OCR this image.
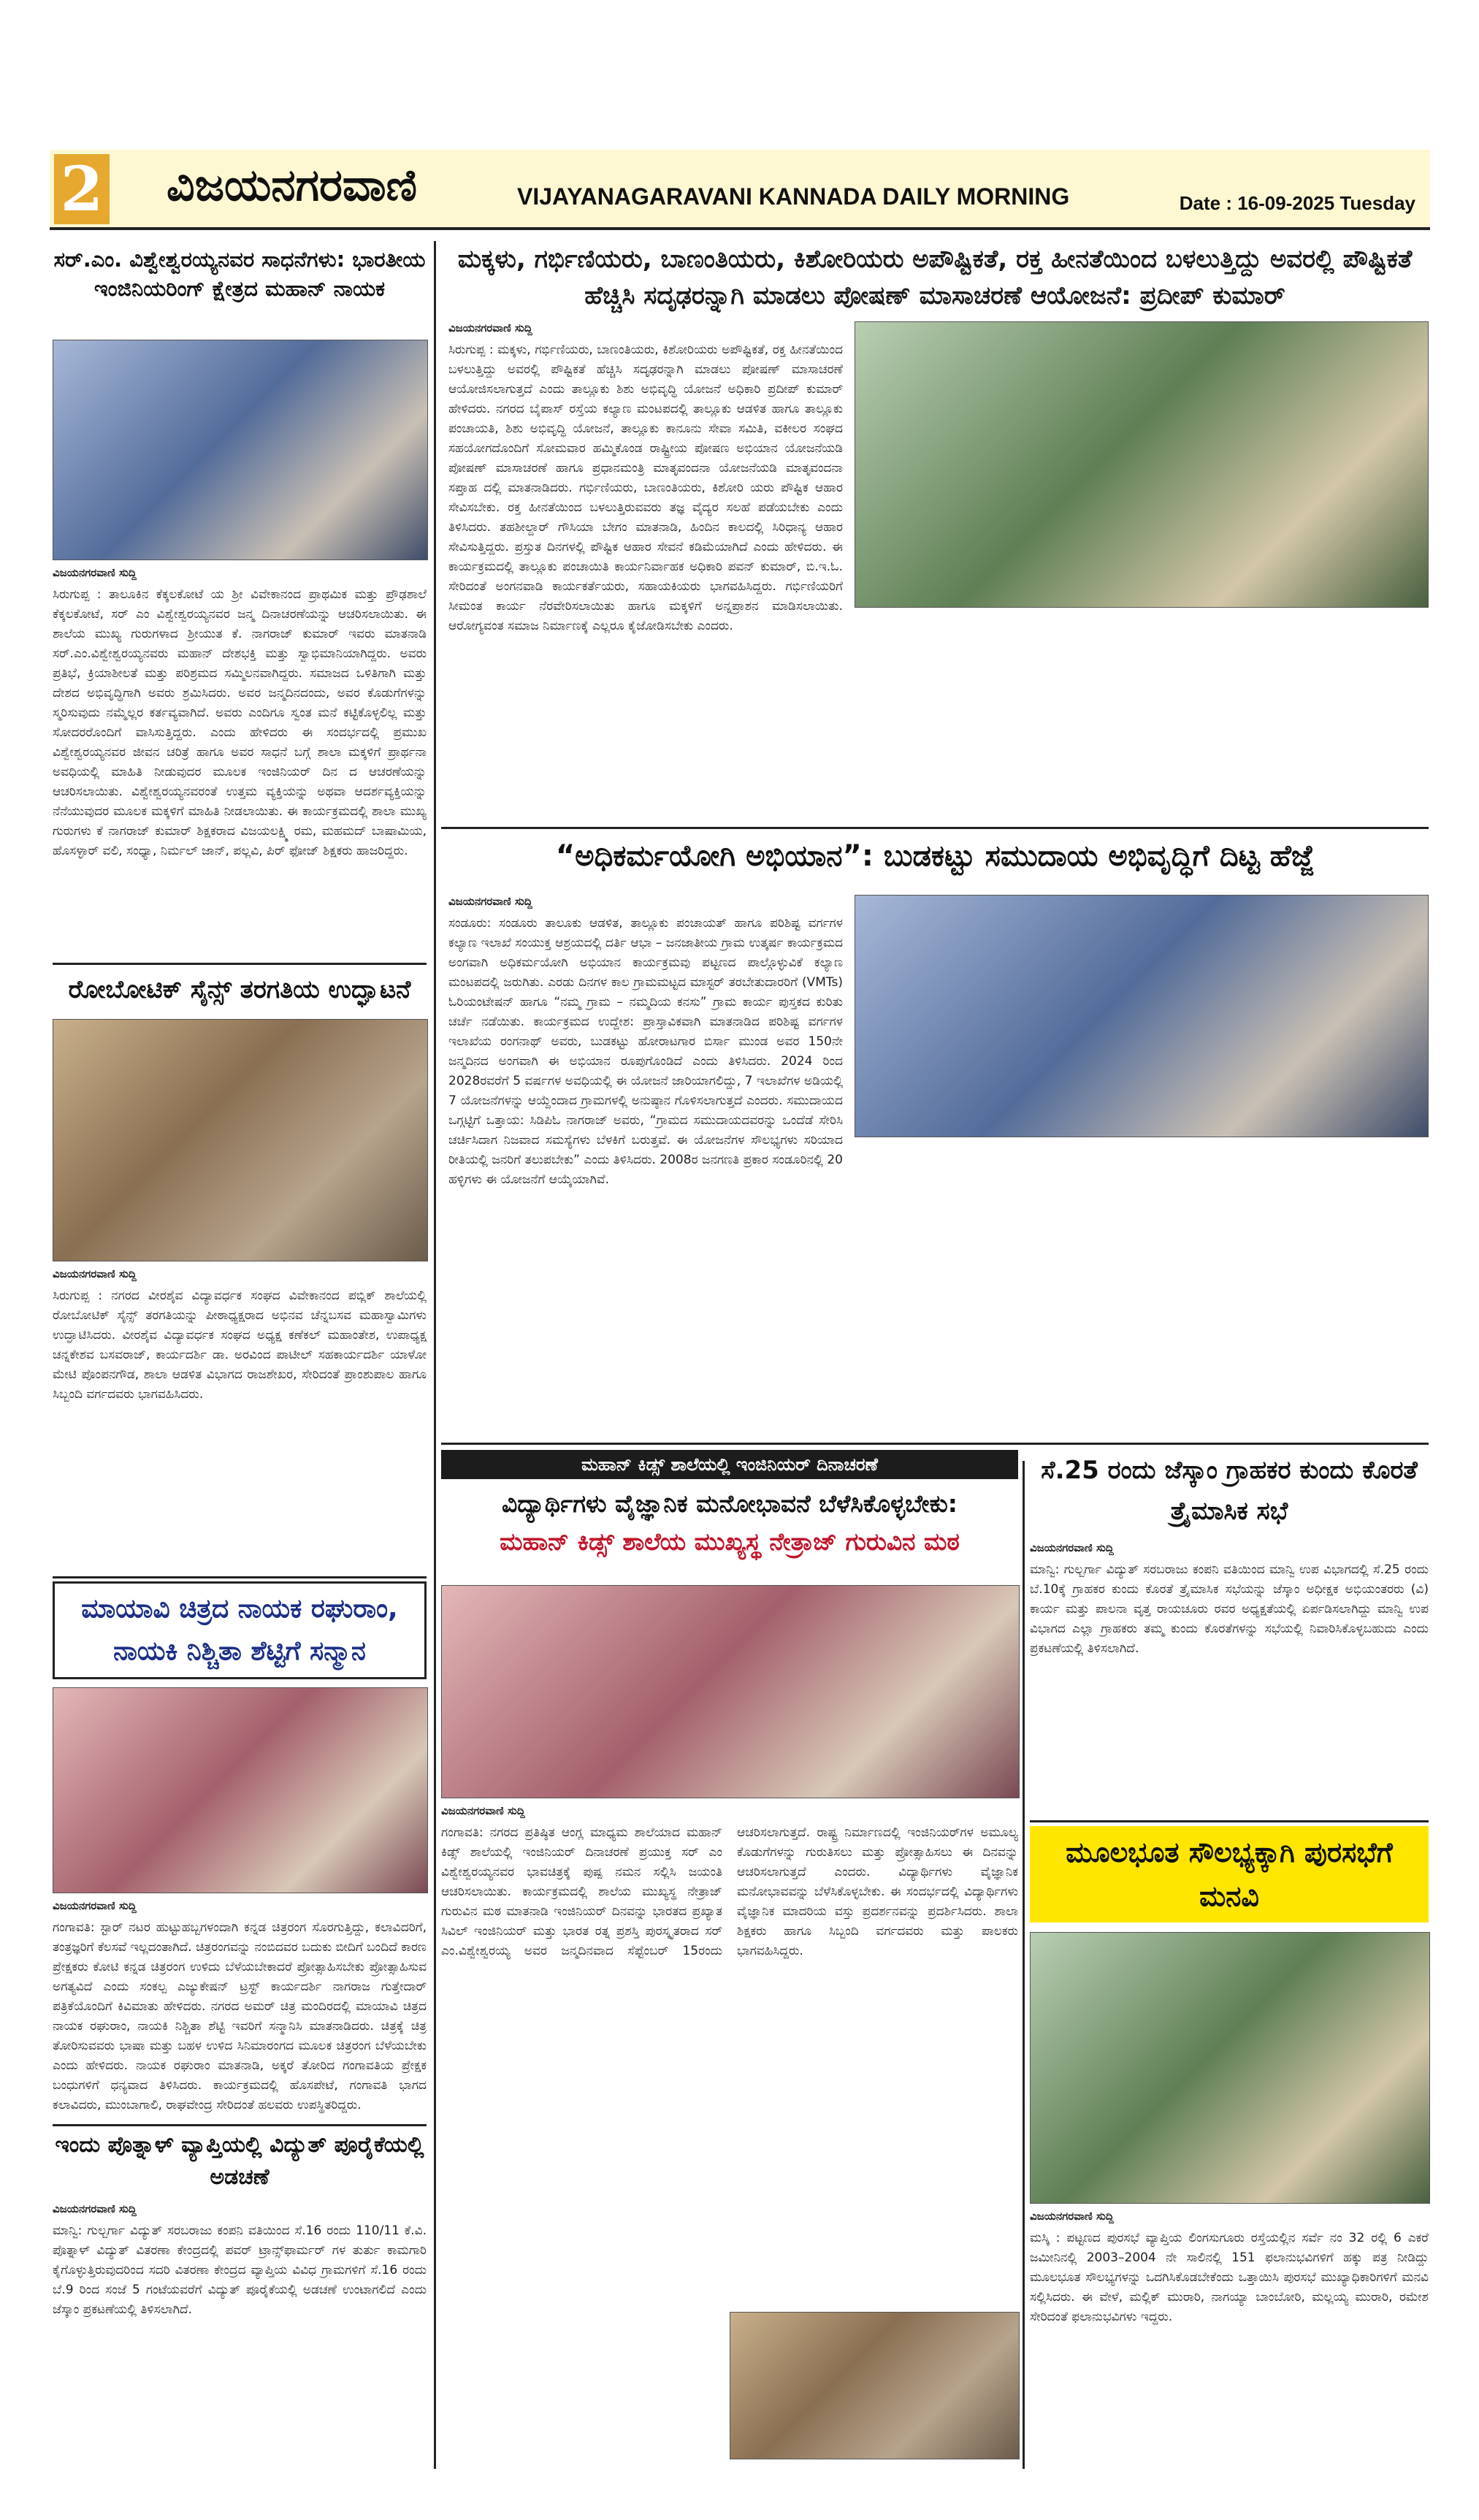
2 ವಿಜಯನಗರವಾಣಿ	VIJAYANAGARAVANI KANNADA DAILY MORNING	Date : 16-09-2025 Tuesday
ಸರ್.ಎಂ. ವಿಶ್ವೇಶ್ವರಯ್ಯನವರ ಸಾಧನೆಗಳು: ಭಾರತೀಯ ಇಂಜಿನಿಯರಿಂಗ್ ಕ್ಷೇತ್ರದ ಮಹಾನ್ ನಾಯಕ
ವಿಜಯನಗರವಾಣಿ ಸುದ್ದಿ
ಸಿರುಗುಪ್ಪ : ತಾಲೂಕಿನ ಕೆಕ್ಕಲಕೋಟೆ ಯ ಶ್ರೀ ವಿವೇಕಾನಂದ ಪ್ರಾಥಮಿಕ ಮತ್ತು ಪ್ರೌಢಶಾಲೆ ಕೆಕ್ಕಲಕೋಟೆ, ಸರ್ ಎಂ ವಿಶ್ವೇಶ್ವರಯ್ಯನವರ ಜನ್ಮ ದಿನಾಚರಣೆಯನ್ನು ಆಚರಿಸಲಾಯಿತು. ಈ ಶಾಲೆಯ ಮುಖ್ಯ ಗುರುಗಳಾದ ಶ್ರೀಯುತ ಕೆ. ನಾಗರಾಜ್ ಕುಮಾರ್ ಇವರು ಮಾತನಾಡಿ ಸರ್.ಎಂ.ವಿಶ್ವೇಶ್ವರಯ್ಯನವರು ಮಹಾನ್ ದೇಶಭಕ್ತಿ ಮತ್ತು ಸ್ವಾಭಿಮಾನಿಯಾಗಿದ್ದರು. ಅವರು ಪ್ರತಿಭೆ, ಕ್ರಿಯಾಶೀಲತೆ ಮತ್ತು ಪರಿಶ್ರಮದ ಸಮ್ಮಿಲನವಾಗಿದ್ದರು. ಸಮಾಜದ ಒಳಿತಿಗಾಗಿ ಮತ್ತು ದೇಶದ ಅಭಿವೃದ್ಧಿಗಾಗಿ ಅವರು ಶ್ರಮಿಸಿದರು. ಅವರ ಜನ್ಮದಿನದಂದು, ಅವರ ಕೊಡುಗೆಗಳನ್ನು ಸ್ಮರಿಸುವುದು ನಮ್ಮೆಲ್ಲರ ಕರ್ತವ್ಯವಾಗಿದೆ. ಅವರು ಎಂದಿಗೂ ಸ್ವಂತ ಮನೆ ಕಟ್ಟಿಕೊಳ್ಳಲಿಲ್ಲ ಮತ್ತು ಸೋದರರೊಂದಿಗೆ ವಾಸಿಸುತ್ತಿದ್ದರು. ಎಂದು ಹೇಳಿದರು ಈ ಸಂದರ್ಭದಲ್ಲಿ ಪ್ರಮುಖ ವಿಶ್ವೇಶ್ವರಯ್ಯನವರ ಜೀವನ ಚರಿತ್ರೆ ಹಾಗೂ ಅವರ ಸಾಧನೆ ಬಗ್ಗೆ ಶಾಲಾ ಮಕ್ಕಳಿಗೆ ಪ್ರಾರ್ಥನಾ ಅವಧಿಯಲ್ಲಿ ಮಾಹಿತಿ ನೀಡುವುದರ ಮೂಲಕ ಇಂಜಿನಿಯರ್ ದಿನ ದ ಆಚರಣೆಯನ್ನು ಆಚರಿಸಲಾಯಿತು. ವಿಶ್ವೇಶ್ವರಯ್ಯನವರಂತೆ ಉತ್ತಮ ವ್ಯಕ್ತಿಯನ್ನು ಅಥವಾ ಆದರ್ಶವ್ಯಕ್ತಿಯನ್ನು ನೆನೆಯುವುದರ ಮೂಲಕ ಮಕ್ಕಳಿಗೆ ಮಾಹಿತಿ ನೀಡಲಾಯಿತು. ಈ ಕಾರ್ಯಕ್ರಮದಲ್ಲಿ ಶಾಲಾ ಮುಖ್ಯ ಗುರುಗಳು ಕೆ ನಾಗರಾಜ್ ಕುಮಾರ್ ಶಿಕ್ಷಕರಾದ ವಿಜಯಲಕ್ಷ್ಮಿ ರಮ, ಮಹಮದ್ ಬಾಷಾಮಿಯ, ಹೊಸಳ್ಳಾರ್ ವಲಿ, ಸಂಧ್ಯಾ, ನಿರ್ಮಲ್ ಜಾನ್, ಪಲ್ಲವಿ, ಪಿರ್ ಫೋಜ್ ಶಿಕ್ಷಕರು ಹಾಜರಿದ್ದರು.
ರೋಬೋಟಿಕ್ ಸೈನ್ಸ್ ತರಗತಿಯ ಉದ್ಘಾಟನೆ
ವಿಜಯನಗರವಾಣಿ ಸುದ್ದಿ
ಸಿರುಗುಪ್ಪ : ನಗರದ ವೀರಶೈವ ವಿದ್ಯಾವರ್ಧಕ ಸಂಘದ ವಿವೇಕಾನಂದ ಪಬ್ಲಿಕ್ ಶಾಲೆಯಲ್ಲಿ ರೋಬೋಟಿಕ್ ಸೈನ್ಸ್ ತರಗತಿಯನ್ನು ಪೀಠಾಧ್ಯಕ್ಷರಾದ ಅಭಿನವ ಚೆನ್ನಬಸವ ಮಹಾಸ್ವಾಮಿಗಳು ಉದ್ಘಾಟಿಸಿದರು. ವೀರಶೈವ ವಿದ್ಯಾವರ್ಧಕ ಸಂಘದ ಅಧ್ಯಕ್ಷ ಕಣೆಕಲ್ ಮಹಾಂತೇಶ, ಉಪಾಧ್ಯಕ್ಷ ಚನ್ನಕೇಶವ ಬಸವರಾಜ್, ಕಾರ್ಯದರ್ಶಿ ಡಾ. ಅರವಿಂದ ಪಾಟೀಲ್ ಸಹಕಾರ್ಯದರ್ಶಿ ಯಾಳೋ ಮೇಟಿ ಪೊಂಪನಗೌಡ, ಶಾಲಾ ಆಡಳಿತ ವಿಭಾಗದ ರಾಜಶೇಖರ, ಸೇರಿದಂತೆ ಪ್ರಾಂಶುಪಾಲ ಹಾಗೂ ಸಿಬ್ಬಂದಿ ವರ್ಗದವರು ಭಾಗವಹಿಸಿದರು.
ಮಾಯಾವಿ ಚಿತ್ರದ ನಾಯಕ ರಘುರಾಂ, ನಾಯಕಿ ನಿಶ್ಚಿತಾ ಶೆಟ್ಟಿಗೆ ಸನ್ಮಾನ
ವಿಜಯನಗರವಾಣಿ ಸುದ್ದಿ
ಗಂಗಾವತಿ: ಸ್ಟಾರ್ ನಟರ ಹುಟ್ಟುಹಬ್ಬಗಳಂದಾಗಿ ಕನ್ನಡ ಚಿತ್ರರಂಗ ಸೊರಗುತ್ತಿದ್ದು, ಕಲಾವಿದರಿಗೆ, ತಂತ್ರಜ್ಞರಿಗೆ ಕೆಲಸವೆ ಇಲ್ಲದಂತಾಗಿದೆ. ಚಿತ್ರರಂಗವನ್ನು ನಂಬಿದವರ ಬದುಕು ಬೀದಿಗೆ ಬಂದಿದೆ ಕಾರಣ ಪ್ರೇಕ್ಷಕರು ಕೋಟಿ ಕನ್ನಡ ಚಿತ್ರರಂಗ ಉಳಿದು ಬೆಳೆಯಬೇಕಾದರೆ ಪ್ರೋತ್ಸಾಹಿಸಬೇಕು ಪ್ರೋತ್ಸಾಹಿಸುವ ಅಗತ್ಯವಿದೆ ಎಂದು ಸಂಕಲ್ಪ ಎಜ್ಯುಕೇಷನ್ ಟ್ರಸ್ಟ್ ಕಾರ್ಯದರ್ಶಿ ನಾಗರಾಜ ಗುತ್ತೇದಾರ್ ಪತ್ರಿಕೆಯೊಂದಿಗೆ ಕಿವಿಮಾತು ಹೇಳಿದರು. ನಗರದ ಅಮರ್ ಚಿತ್ರ ಮಂದಿರದಲ್ಲಿ ಮಾಯಾವಿ ಚಿತ್ರದ ನಾಯಕ ರಘುರಾಂ, ನಾಯಕಿ ನಿಶ್ಚಿತಾ ಶೆಟ್ಟಿ ಇವರಿಗೆ ಸನ್ಮಾನಿಸಿ ಮಾತನಾಡಿದರು. ಚಿತ್ರಕ್ಕೆ ಚಿತ್ರ ತೋರಿಸುವವರು ಭಾಷಾ ಮತ್ತು ಬಹಳ ಉಳಿದ ಸಿನಿಮಾರಂಗದ ಮೂಲಕ ಚಿತ್ರರಂಗ ಬೆಳೆಯಬೇಕು ಎಂದು ಹೇಳಿದರು. ನಾಯಕ ರಘುರಾಂ ಮಾತನಾಡಿ, ಅಕ್ಕರೆ ತೋರಿದ ಗಂಗಾವತಿಯ ಪ್ರೇಕ್ಷಕ ಬಂಧುಗಳಿಗೆ ಧನ್ಯವಾದ ತಿಳಿಸಿದರು. ಕಾರ್ಯಕ್ರಮದಲ್ಲಿ ಹೊಸಪೇಟೆ, ಗಂಗಾವತಿ ಭಾಗದ ಕಲಾವಿದರು, ಮುಂಬಾಗಾಲಿ, ರಾಘವೇಂದ್ರ ಸೇರಿದಂತೆ ಹಲವರು ಉಪಸ್ಥಿತರಿದ್ದರು.
ಇಂದು ಪೊತ್ನಾಳ್ ವ್ಯಾಪ್ತಿಯಲ್ಲಿ ವಿದ್ಯುತ್ ಪೂರೈಕೆಯಲ್ಲಿ ಅಡಚಣೆ
ವಿಜಯನಗರವಾಣಿ ಸುದ್ದಿ
ಮಾನ್ವಿ: ಗುಲ್ಬರ್ಗಾ ವಿದ್ಯುತ್ ಸರಬರಾಜು ಕಂಪನಿ ವತಿಯಿಂದ ಸೆ.16 ರಂದು 110/11 ಕೆ.ವಿ. ಪೊತ್ನಾಳ್ ವಿದ್ಯುತ್ ವಿತರಣಾ ಕೇಂದ್ರದಲ್ಲಿ ಪವರ್ ಟ್ರಾನ್ಸ್‌ಫಾರ್ಮರ್ ಗಳ ತುರ್ತು ಕಾಮಗಾರಿ ಕೈಗೊಳ್ಳುತ್ತಿರುವುದರಿಂದ ಸದರಿ ವಿತರಣಾ ಕೇಂದ್ರದ ವ್ಯಾಪ್ತಿಯ ವಿವಿಧ ಗ್ರಾಮಗಳಿಗೆ ಸೆ.16 ರಂದು ಬೆ.9 ರಿಂದ ಸಂಜೆ 5 ಗಂಟೆಯವರೆಗೆ ವಿದ್ಯುತ್ ಪೂರೈಕೆಯಲ್ಲಿ ಅಡಚಣೆ ಉಂಟಾಗಲಿದೆ ಎಂದು ಜೆಸ್ಕಾಂ ಪ್ರಕಟಣೆಯಲ್ಲಿ ತಿಳಿಸಲಾಗಿದೆ.
ಮಕ್ಕಳು, ಗರ್ಭಿಣಿಯರು, ಬಾಣಂತಿಯರು, ಕಿಶೋರಿಯರು ಅಪೌಷ್ಟಿಕತೆ, ರಕ್ತ ಹೀನತೆಯಿಂದ ಬಳಲುತ್ತಿದ್ದು ಅವರಲ್ಲಿ ಪೌಷ್ಟಿಕತೆ ಹೆಚ್ಚಿಸಿ ಸದೃಢರನ್ನಾಗಿ ಮಾಡಲು ಪೋಷಣ್ ಮಾಸಾಚರಣೆ ಆಯೋಜನೆ: ಪ್ರದೀಪ್ ಕುಮಾರ್
ವಿಜಯನಗರವಾಣಿ ಸುದ್ದಿ
ಸಿರುಗುಪ್ಪ : ಮಕ್ಕಳು, ಗರ್ಭಿಣಿಯರು, ಬಾಣಂತಿಯರು, ಕಿಶೋರಿಯರು ಅಪೌಷ್ಟಿಕತೆ, ರಕ್ತ ಹೀನತೆಯಿಂದ ಬಳಲುತ್ತಿದ್ದು ಅವರಲ್ಲಿ ಪೌಷ್ಟಿಕತೆ ಹೆಚ್ಚಿಸಿ ಸದೃಢರನ್ನಾಗಿ ಮಾಡಲು ಪೋಷಣ್ ಮಾಸಾಚರಣೆ ಆಯೋಜಿಸಲಾಗುತ್ತದೆ ಎಂದು ತಾಲ್ಲೂಕು ಶಿಶು ಅಭಿವೃದ್ಧಿ ಯೋಜನೆ ಅಧಿಕಾರಿ ಪ್ರದೀಪ್ ಕುಮಾರ್ ಹೇಳಿದರು. ನಗರದ ಬೈಪಾಸ್ ರಸ್ತೆಯ ಕಲ್ಯಾಣ ಮಂಟಪದಲ್ಲಿ ತಾಲ್ಲೂಕು ಆಡಳಿತ ಹಾಗೂ ತಾಲ್ಲೂಕು ಪಂಚಾಯತಿ, ಶಿಶು ಅಭಿವೃದ್ಧಿ ಯೋಜನೆ, ತಾಲ್ಲೂಕು ಕಾನೂನು ಸೇವಾ ಸಮಿತಿ, ವಕೀಲರ ಸಂಘದ ಸಹಯೋಗದೊಂದಿಗೆ ಸೋಮವಾರ ಹಮ್ಮಿಕೊಂಡ ರಾಷ್ಟ್ರೀಯ ಪೋಷಣ ಅಭಿಯಾನ ಯೋಜನೆಯಡಿ ಪೋಷಣ್ ಮಾಸಾಚರಣೆ ಹಾಗೂ ಪ್ರಧಾನಮಂತ್ರಿ ಮಾತೃವಂದನಾ ಯೋಜನೆಯಡಿ ಮಾತೃವಂದನಾ ಸಪ್ತಾಹ ದಲ್ಲಿ ಮಾತನಾಡಿದರು. ಗರ್ಭಿಣಿಯರು, ಬಾಣಂತಿಯರು, ಕಿಶೋರಿ ಯರು ಪೌಷ್ಟಿಕ ಆಹಾರ ಸೇವಿಸಬೇಕು. ರಕ್ತ ಹೀನತೆಯಿಂದ ಬಳಲುತ್ತಿರುವವರು ತಜ್ಞ ವೈದ್ಯರ ಸಲಹೆ ಪಡೆಯಬೇಕು ಎಂದು ತಿಳಿಸಿದರು. ತಹಶೀಲ್ದಾರ್ ಗೌಸಿಯಾ ಬೇಗಂ ಮಾತನಾಡಿ, ಹಿಂದಿನ ಕಾಲದಲ್ಲಿ ಸಿರಿಧಾನ್ಯ ಆಹಾರ ಸೇವಿಸುತ್ತಿದ್ದರು. ಪ್ರಸ್ತುತ ದಿನಗಳಲ್ಲಿ ಪೌಷ್ಟಿಕ ಆಹಾರ ಸೇವನೆ ಕಡಿಮೆಯಾಗಿದೆ ಎಂದು ಹೇಳಿದರು. ಈ ಕಾರ್ಯಕ್ರಮದಲ್ಲಿ ತಾಲ್ಲೂಕು ಪಂಚಾಯಿತಿ ಕಾರ್ಯನಿರ್ವಾಹಕ ಅಧಿಕಾರಿ ಪವನ್ ಕುಮಾರ್, ಬಿ.ಇ.ಓ. ಸೇರಿದಂತೆ ಅಂಗನವಾಡಿ ಕಾರ್ಯಕರ್ತೆಯರು, ಸಹಾಯಕಿಯರು ಭಾಗವಹಿಸಿದ್ದರು. ಗರ್ಭಿಣಿಯರಿಗೆ ಸೀಮಂತ ಕಾರ್ಯ ನೆರವೇರಿಸಲಾಯಿತು ಹಾಗೂ ಮಕ್ಕಳಿಗೆ ಅನ್ನಪ್ರಾಶನ ಮಾಡಿಸಲಾಯಿತು. ಆರೋಗ್ಯವಂತ ಸಮಾಜ ನಿರ್ಮಾಣಕ್ಕೆ ಎಲ್ಲರೂ ಕೈಜೋಡಿಸಬೇಕು ಎಂದರು.
“ಅಧಿಕರ್ಮಯೋಗಿ ಅಭಿಯಾನ”: ಬುಡಕಟ್ಟು ಸಮುದಾಯ ಅಭಿವೃದ್ಧಿಗೆ ದಿಟ್ಟ ಹೆಜ್ಜೆ
ವಿಜಯನಗರವಾಣಿ ಸುದ್ದಿ
ಸಂಡೂರು: ಸಂಡೂರು ತಾಲೂಕು ಆಡಳಿತ, ತಾಲ್ಲೂಕು ಪಂಚಾಯತ್ ಹಾಗೂ ಪರಿಶಿಷ್ಟ ವರ್ಗಗಳ ಕಲ್ಯಾಣ ಇಲಾಖೆ ಸಂಯುಕ್ತ ಆಶ್ರಯದಲ್ಲಿ ದರ್ತಿ ಆಭಾ – ಜನಜಾತೀಯ ಗ್ರಾಮ ಉತ್ಕರ್ಷ ಕಾರ್ಯಕ್ರಮದ ಅಂಗವಾಗಿ ಅಧಿಕರ್ಮಯೋಗಿ ಅಭಿಯಾನ ಕಾರ್ಯಕ್ರಮವು ಪಟ್ಟಣದ ಪಾಲ್ಗೊಳ್ಳುವಿಕೆ ಕಲ್ಯಾಣ ಮಂಟಪದಲ್ಲಿ ಜರುಗಿತು. ಎರಡು ದಿನಗಳ ಕಾಲ ಗ್ರಾಮಮಟ್ಟದ ಮಾಸ್ಟರ್ ತರಬೇತುದಾರರಿಗೆ (VMTs) ಓರಿಯಂಟೇಷನ್ ಹಾಗೂ “ನಮ್ಮ ಗ್ರಾಮ – ನಮ್ಮದಿಯ ಕನಸು” ಗ್ರಾಮ ಕಾರ್ಯ ಪುಸ್ತಕದ ಕುರಿತು ಚರ್ಚೆ ನಡೆಯಿತು. ಕಾರ್ಯಕ್ರಮದ ಉದ್ದೇಶ: ಪ್ರಾಸ್ತಾವಿಕವಾಗಿ ಮಾತನಾಡಿದ ಪರಿಶಿಷ್ಟ ವರ್ಗಗಳ ಇಲಾಖೆಯ ರಂಗನಾಥ್ ಅವರು, ಬುಡಕಟ್ಟು ಹೋರಾಟಗಾರ ಬಿರ್ಸಾ ಮುಂಡ ಅವರ 150ನೇ ಜನ್ಮದಿನದ ಅಂಗವಾಗಿ ಈ ಅಭಿಯಾನ ರೂಪುಗೊಂಡಿದೆ ಎಂದು ತಿಳಿಸಿದರು. 2024 ರಿಂದ 2028ರವರೆಗೆ 5 ವರ್ಷಗಳ ಅವಧಿಯಲ್ಲಿ ಈ ಯೋಜನೆ ಜಾರಿಯಾಗಲಿದ್ದು, 7 ಇಲಾಖೆಗಳ ಅಡಿಯಲ್ಲಿ 7 ಯೋಜನೆಗಳನ್ನು ಆಯ್ದೆಂದಾದ ಗ್ರಾಮಗಳಲ್ಲಿ ಅನುಷ್ಠಾನ ಗೊಳಿಸಲಾಗುತ್ತದೆ ಎಂದರು. ಸಮುದಾಯದ ಒಗ್ಗಟ್ಟಿಗೆ ಒತ್ತಾಯ: ಸಿಡಿಪಿಓ ನಾಗರಾಜ್ ಅವರು, “ಗ್ರಾಮದ ಸಮುದಾಯದವರನ್ನು ಒಂದೆಡೆ ಸೇರಿಸಿ ಚರ್ಚಿಸಿದಾಗ ನಿಜವಾದ ಸಮಸ್ಯೆಗಳು ಬೆಳಕಿಗೆ ಬರುತ್ತವೆ. ಈ ಯೋಜನೆಗಳ ಸೌಲಭ್ಯಗಳು ಸರಿಯಾದ ರೀತಿಯಲ್ಲಿ ಜನರಿಗೆ ತಲುಪಬೇಕು” ಎಂದು ತಿಳಿಸಿದರು. 2008ರ ಜನಗಣತಿ ಪ್ರಕಾರ ಸಂಡೂರಿನಲ್ಲಿ 20 ಹಳ್ಳಿಗಳು ಈ ಯೋಜನೆಗೆ ಆಯ್ಕೆಯಾಗಿವೆ.
ಮಹಾನ್ ಕಿಡ್ಸ್ ಶಾಲೆಯಲ್ಲಿ ಇಂಜಿನಿಯರ್ ದಿನಾಚರಣೆ
ವಿದ್ಯಾರ್ಥಿಗಳು ವೈಜ್ಞಾನಿಕ ಮನೋಭಾವನೆ ಬೆಳೆಸಿಕೊಳ್ಳಬೇಕು:
ಮಹಾನ್ ಕಿಡ್ಸ್ ಶಾಲೆಯ ಮುಖ್ಯಸ್ಥ ನೇತ್ರಾಜ್ ಗುರುವಿನ ಮಠ
ವಿಜಯನಗರವಾಣಿ ಸುದ್ದಿ
ಗಂಗಾವತಿ: ನಗರದ ಪ್ರತಿಷ್ಠಿತ ಆಂಗ್ಲ ಮಾಧ್ಯಮ ಶಾಲೆಯಾದ ಮಹಾನ್ ಕಿಡ್ಸ್ ಶಾಲೆಯಲ್ಲಿ ಇಂಜಿನಿಯರ್ ದಿನಾಚರಣೆ ಪ್ರಯುಕ್ತ ಸರ್ ಎಂ ವಿಶ್ವೇಶ್ವರಯ್ಯನವರ ಭಾವಚಿತ್ರಕ್ಕೆ ಪುಷ್ಪ ನಮನ ಸಲ್ಲಿಸಿ ಜಯಂತಿ ಆಚರಿಸಲಾಯಿತು. ಕಾರ್ಯಕ್ರಮದಲ್ಲಿ ಶಾಲೆಯ ಮುಖ್ಯಸ್ಥ ನೇತ್ರಾಜ್ ಗುರುವಿನ ಮಠ ಮಾತನಾಡಿ ಇಂಜಿನಿಯರ್ ದಿನವನ್ನು ಭಾರತದ ಪ್ರಖ್ಯಾತ ಸಿವಿಲ್ ಇಂಜಿನಿಯರ್ ಮತ್ತು ಭಾರತ ರತ್ನ ಪ್ರಶಸ್ತಿ ಪುರಸ್ಕೃತರಾದ ಸರ್ ಎಂ.ವಿಶ್ವೇಶ್ವರಯ್ಯ ಅವರ ಜನ್ಮದಿನವಾದ ಸೆಪ್ಟೆಂಬರ್ 15ರಂದು ಆಚರಿಸಲಾಗುತ್ತದೆ. ರಾಷ್ಟ್ರ ನಿರ್ಮಾಣದಲ್ಲಿ ಇಂಜಿನಿಯರ್‌ಗಳ ಅಮೂಲ್ಯ ಕೊಡುಗೆಗಳನ್ನು ಗುರುತಿಸಲು ಮತ್ತು ಪ್ರೋತ್ಸಾಹಿಸಲು ಈ ದಿನವನ್ನು ಆಚರಿಸಲಾಗುತ್ತದೆ ಎಂದರು. ವಿದ್ಯಾರ್ಥಿಗಳು ವೈಜ್ಞಾನಿಕ ಮನೋಭಾವವನ್ನು ಬೆಳೆಸಿಕೊಳ್ಳಬೇಕು. ಈ ಸಂದರ್ಭದಲ್ಲಿ ವಿದ್ಯಾರ್ಥಿಗಳು ವೈಜ್ಞಾನಿಕ ಮಾದರಿಯ ವಸ್ತು ಪ್ರದರ್ಶನವನ್ನು ಪ್ರದರ್ಶಿಸಿದರು. ಶಾಲಾ ಶಿಕ್ಷಕರು ಹಾಗೂ ಸಿಬ್ಬಂದಿ ವರ್ಗದವರು ಮತ್ತು ಪಾಲಕರು ಭಾಗವಹಿಸಿದ್ದರು.
ಸೆ.25 ರಂದು ಜೆಸ್ಕಾಂ ಗ್ರಾಹಕರ ಕುಂದು ಕೊರತೆ ತ್ರೈಮಾಸಿಕ ಸಭೆ
ವಿಜಯನಗರವಾಣಿ ಸುದ್ದಿ
ಮಾನ್ವಿ: ಗುಲ್ಬರ್ಗಾ ವಿದ್ಯುತ್ ಸರಬರಾಜು ಕಂಪನಿ ವತಿಯಿಂದ ಮಾನ್ವಿ ಉಪ ವಿಭಾಗದಲ್ಲಿ ಸೆ.25 ರಂದು ಬೆ.10ಕ್ಕೆ ಗ್ರಾಹಕರ ಕುಂದು ಕೊರತೆ ತ್ರೈಮಾಸಿಕ ಸಭೆಯನ್ನು ಜೆಸ್ಕಾಂ ಅಧೀಕ್ಷಕ ಅಭಿಯಂತರರು (ವಿ) ಕಾರ್ಯ ಮತ್ತು ಪಾಲನಾ ವೃತ್ತ ರಾಯಚೂರು ರವರ ಅಧ್ಯಕ್ಷತೆಯಲ್ಲಿ ಏರ್ಪಡಿಸಲಾಗಿದ್ದು ಮಾನ್ವಿ ಉಪ ವಿಭಾಗದ ಎಲ್ಲಾ ಗ್ರಾಹಕರು ತಮ್ಮ ಕುಂದು ಕೊರತೆಗಳನ್ನು ಸಭೆಯಲ್ಲಿ ನಿವಾರಿಸಿಕೊಳ್ಳಬಹುದು ಎಂದು ಪ್ರಕಟಣೆಯಲ್ಲಿ ತಿಳಿಸಲಾಗಿದೆ.
ಮೂಲಭೂತ ಸೌಲಭ್ಯಕ್ಕಾಗಿ ಪುರಸಭೆಗೆ ಮನವಿ
ವಿಜಯನಗರವಾಣಿ ಸುದ್ದಿ
ಮಸ್ಕಿ : ಪಟ್ಟಣದ ಪುರಸಭೆ ವ್ಯಾಪ್ತಿಯ ಲಿಂಗಸುಗೂರು ರಸ್ತೆಯಲ್ಲಿನ ಸರ್ವೆ ನಂ 32 ರಲ್ಲಿ 6 ಎಕರೆ ಜಮೀನಿನಲ್ಲಿ 2003–2004 ನೇ ಸಾಲಿನಲ್ಲಿ 151 ಫಲಾನುಭವಿಗಳಿಗೆ ಹಕ್ಕು ಪತ್ರ ನೀಡಿದ್ದು ಮೂಲಭೂತ ಸೌಲಭ್ಯಗಳನ್ನು ಒದಗಿಸಿಕೊಡಬೇಕೆಂದು ಒತ್ತಾಯಿಸಿ ಪುರಸಭೆ ಮುಖ್ಯಾಧಿಕಾರಿಗಳಿಗೆ ಮನವಿ ಸಲ್ಲಿಸಿದರು. ಈ ವೇಳೆ, ಮಲ್ಲಿಕ್ ಮುರಾರಿ, ನಾಗಯ್ಯಾ ಬಾಂಬೋರಿ, ಮಲ್ಲಯ್ಯ ಮುರಾರಿ, ರಮೇಶ ಸೇರಿದಂತೆ ಫಲಾನುಭವಿಗಳು ಇದ್ದರು.
